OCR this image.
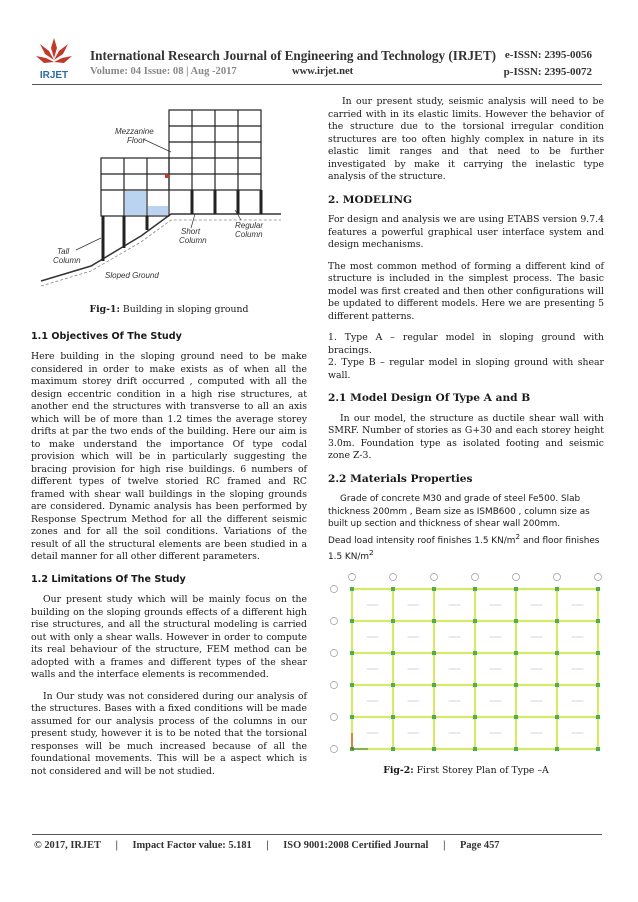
IRJET
International Research Journal of Engineering and Technology (IRJET) e-ISSN: 2395-0056
Volume: 04 Issue: 08 | Aug -2017	www.irjet.net	p-ISSN: 2395-0072
Mezzanine
Floor
Short
Column
Regular
Column
Tall
Column
Sloped Ground
Fig-1: Building in sloping ground
1.1 Objectives Of The Study

Here building in the sloping ground need to be make considered in order to make exists as of when all the maximum storey drift occurred , computed with all the design eccentric condition in a high rise structures, at another end the structures with transverse to all an axis which will be of more than 1.2 times the average storey drifts at par the two ends of the building. Here our aim is to make understand the importance Of type codal provision which will be in particularly suggesting the bracing provision for high rise buildings. 6 numbers of different types of twelve storied RC framed and RC framed with shear wall buildings in the sloping grounds are considered. Dynamic analysis has been performed by Response Spectrum Method for all the different seismic zones and for all the soil conditions. Variations of the result of all the structural elements are been studied in a detail manner for all other different parameters.

1.2 Limitations Of The Study

Our present study which will be mainly focus on the building on the sloping grounds effects of a different high rise structures, and all the structural modeling is carried out with only a shear walls. However in order to compute its real behaviour of the structure, FEM method can be adopted with a frames and different types of the shear walls and the interface elements is recommended.

In Our study was not considered during our analysis of the structures. Bases with a fixed conditions will be made assumed for our analysis process of the columns in our present study, however it is to be noted that the torsional responses will be much increased because of all the foundational movements. This will be a aspect which is not considered and will be not studied.

In our present study, seismic analysis will need to be carried with in its elastic limits. However the behavior of the structure due to the torsional irregular condition structures are too often highly complex in nature in its elastic limit ranges and that need to be further investigated by make it carrying the inelastic type analysis of the structure.

2. MODELING

For design and analysis we are using ETABS version 9.7.4 features a powerful graphical user interface system and design mechanisms.

The most common method of forming a different kind of structure is included in the simplest process. The basic model was first created and then other configurations will be updated to different models. Here we are presenting 5 different patterns.

1. Type A – regular model in sloping ground with bracings.

2. Type B – regular model in sloping ground with shear wall.

2.1 Model Design Of Type A and B

In our model, the structure as ductile shear wall with SMRF. Number of stories as G+30 and each storey height 3.0m. Foundation type as isolated footing and seismic zone Z-3.

2.2 Materials Properties

Grade of concrete M30 and grade of steel Fe500. Slab thickness 200mm , Beam size as ISMB600 , column size as built up section and thickness of shear wall 200mm.

Dead load intensity roof finishes 1.5 $KN/m^2$ and floor finishes 1.5 $KN/m^2$

Fig-2: First Storey Plan of Type –A
© 2017, IRJET | Impact Factor value: 5.181 | ISO 9001:2008 Certified Journal | Page 457
